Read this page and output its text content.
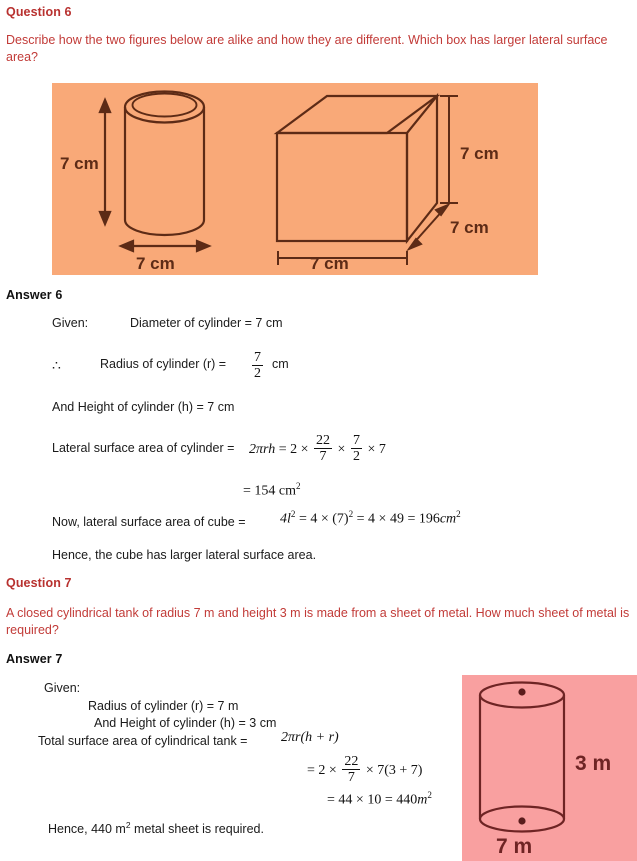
Question 6
Describe how the two figures below are alike and how they are different. Which box has larger lateral surface area?
7 cm
7 cm	7 cm
7 cm
7 cm
Answer 6
Given:	Diameter of cylinder = 7 cm
∴	Radius of cylinder $(r) = \frac{7}{2}$ cm
And Height of cylinder (h) = 7 cm
Lateral surface area of cylinder = $2\pi rh = 2 \times \frac{22}{7} \times \frac{7}{2} \times 7$
= 154 $cm^2$
Now, lateral surface area of cube = $4l^2 = 4 \times (7)^2 = 4 \times 49 = 196cm^2$
Hence, the cube has larger lateral surface area.
Question 7
A closed cylindrical tank of radius 7 m and height 3 m is made from a sheet of metal. How much sheet of metal is required?
Answer 7
Given:
Radius of cylinder (r) = 7 m
And Height of cylinder (h) = 3 cm
Total surface area of cylindrical tank = 2πr(h + r)
= $2 \times \frac{22}{7} \times 7(3 + 7)$
= $44 \times 10 = 440m^2$
Hence, 440 $m^2$ metal sheet is required.
3 m
7 m
